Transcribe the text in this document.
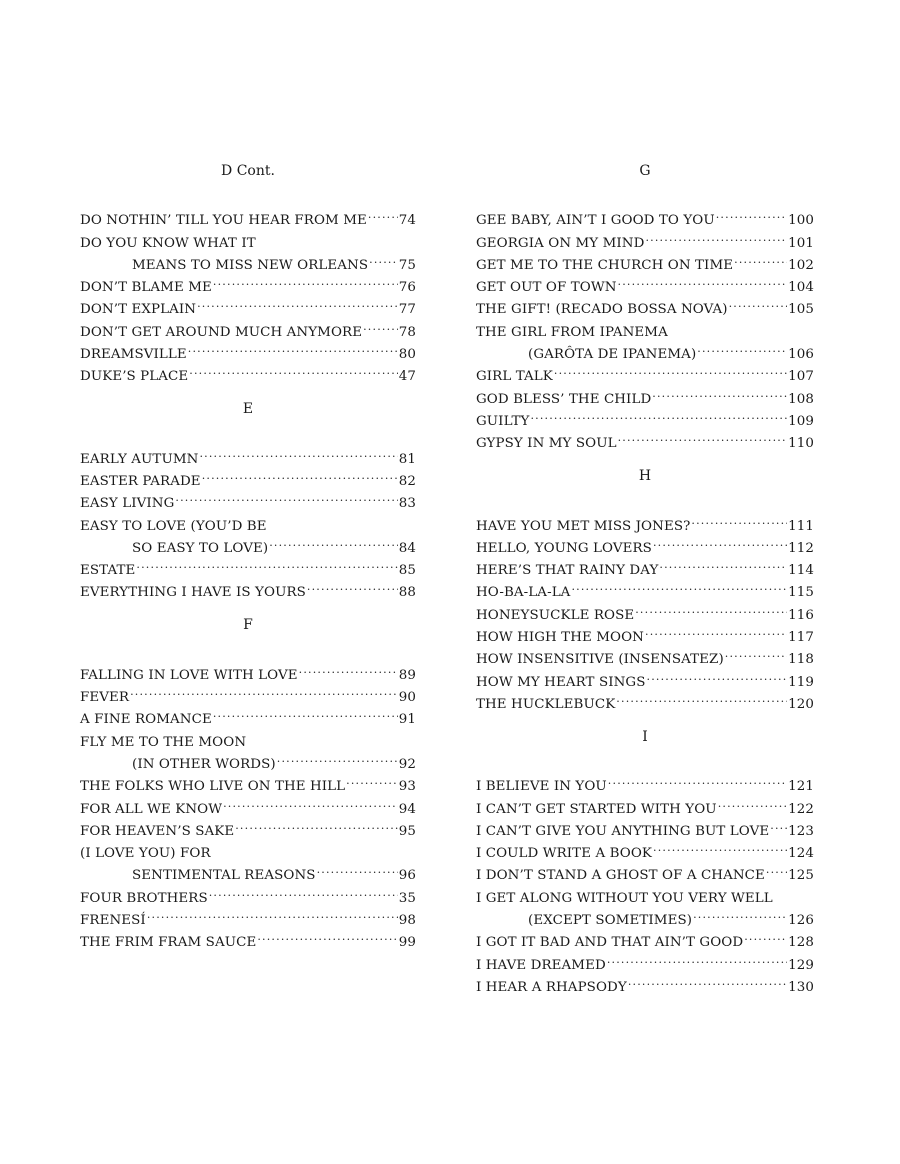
D Cont.
DO NOTHIN’ TILL YOU HEAR FROM ME ..... 74
DO YOU KNOW WHAT IT
MEANS TO MISS NEW ORLEANS ..... 75
DON’T BLAME ME .....	76
DON’T EXPLAIN .....	77
DON’T GET AROUND MUCH ANYMORE .....	78
DREAMSVILLE .....	80
DUKE’S PLACE .....	47
E
EARLY AUTUMN .....	81
EASTER PARADE .....	82
EASY LIVING .....	83
EASY TO LOVE (YOU’D BE
SO EASY TO LOVE) .....	84
ESTATE .....	85
EVERYTHING I HAVE IS YOURS .....	88
F
FALLING IN LOVE WITH LOVE .....	89
FEVER .....	90
A FINE ROMANCE .....	91
FLY ME TO THE MOON
(IN OTHER WORDS) .....	92
THE FOLKS WHO LIVE ON THE HILL .....	93
FOR ALL WE KNOW .....	94
FOR HEAVEN’S SAKE .....	95
(I LOVE YOU) FOR
SENTIMENTAL REASONS .....	96
FOUR BROTHERS .....	35
FRENESÍ .....	98
THE FRIM FRAM SAUCE .....	99
G
GEE BABY, AIN’T I GOOD TO YOU .....	100
GEORGIA ON MY MIND .....	101
GET ME TO THE CHURCH ON TIME .....	102
GET OUT OF TOWN .....	104
THE GIFT! (RECADO BOSSA NOVA) .....	105
THE GIRL FROM IPANEMA
(GARÔTA DE IPANEMA) .....	106
GIRL TALK .....	107
GOD BLESS’ THE CHILD .....	108
GUILTY .....	109
GYPSY IN MY SOUL .....	110
H
HAVE YOU MET MISS JONES? .....	111
HELLO, YOUNG LOVERS .....	112
HERE’S THAT RAINY DAY .....	114
HO-BA-LA-LA .....	115
HONEYSUCKLE ROSE .....	116
HOW HIGH THE MOON .....	117
HOW INSENSITIVE (INSENSATEZ) .....	118
HOW MY HEART SINGS .....	119
THE HUCKLEBUCK .....	120
I
I BELIEVE IN YOU .....	121
I CAN’T GET STARTED WITH YOU .....	122
I CAN’T GIVE YOU ANYTHING BUT LOVE ..... 123
I COULD WRITE A BOOK .....	124
I DON’T STAND A GHOST OF A CHANCE ..... 125
I GET ALONG WITHOUT YOU VERY WELL
(EXCEPT SOMETIMES) .....	126
I GOT IT BAD AND THAT AIN’T GOOD .....	128
I HAVE DREAMED .....	129
I HEAR A RHAPSODY .....	130
